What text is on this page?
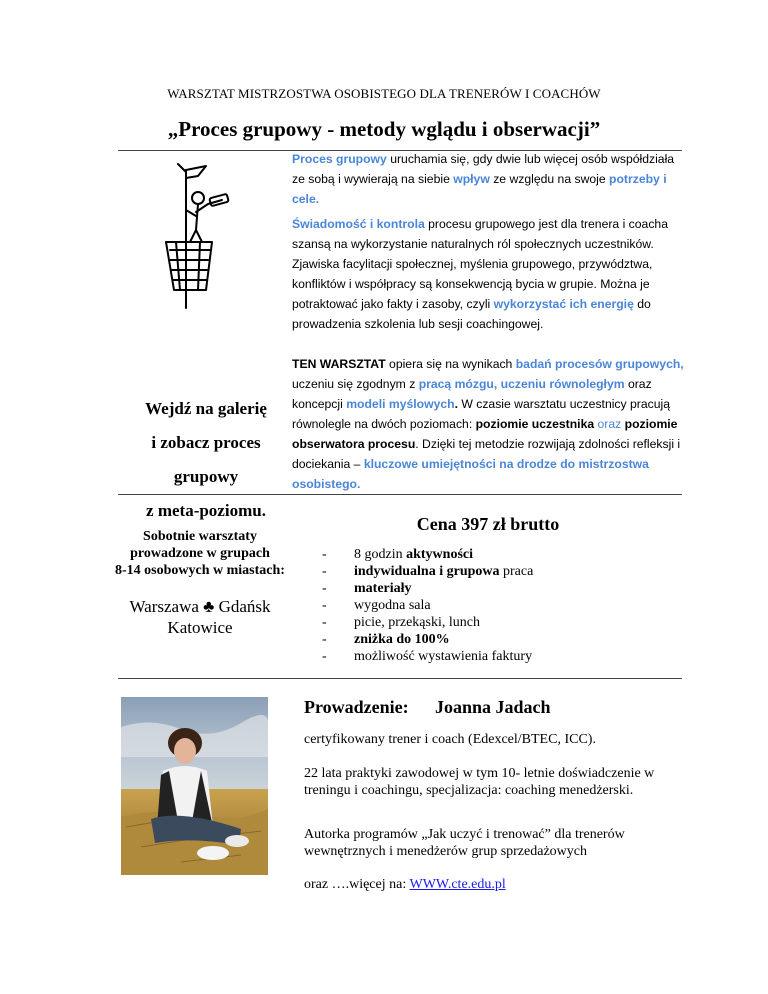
WARSZTAT MISTRZOSTWA OSOBISTEGO DLA TRENERÓW I COACHÓW
„Proces grupowy - metody wglądu i obserwacji”
Proces grupowy uruchamia się, gdy dwie lub więcej osób współdziała ze sobą i wywierają na siebie wpływ ze względu na swoje potrzeby i cele.
Świadomość i kontrola procesu grupowego jest dla trenera i coacha szansą na wykorzystanie naturalnych ról społecznych uczestników. Zjawiska facylitacji społecznej, myślenia grupowego, przywództwa, konfliktów i współpracy są konsekwencją bycia w grupie. Można je potraktować jako fakty i zasoby, czyli wykorzystać ich energię do prowadzenia szkolenia lub sesji coachingowej.
TEN WARSZTAT opiera się na wynikach badań procesów grupowych, uczeniu się zgodnym z pracą mózgu, uczeniu równoległym oraz koncepcji modeli myślowych. W czasie warsztatu uczestnicy pracują równolegle na dwóch poziomach: poziomie uczestnika oraz poziomie obserwatora procesu. Dzięki tej metodzie rozwijają zdolności refleksji i dociekania – kluczowe umiejętności na drodze do mistrzostwa osobistego.
Wejdź na galerię
i zobacz proces grupowy
z meta-poziomu.
Sobotnie warsztaty
prowadzone w grupach
8-14 osobowych w miastach:
Warszawa ♣ Gdańsk
Katowice
Cena 397 zł brutto
- 8 godzin aktywności
- indywidualna i grupowa praca
- materiały
- wygodna sala
- picie, przekąski, lunch
- zniżka do 100%
- możliwość wystawienia faktury
Prowadzenie: Joanna Jadach
certyfikowany trener i coach (Edexcel/BTEC, ICC).
22 lata praktyki zawodowej w tym 10- letnie doświadczenie w treningu i coachingu, specjalizacja: coaching menedżerski.
Autorka programów „Jak uczyć i trenować” dla trenerów wewnętrznych i menedżerów grup sprzedażowych
oraz ….więcej na: WWW.cte.edu.pl
